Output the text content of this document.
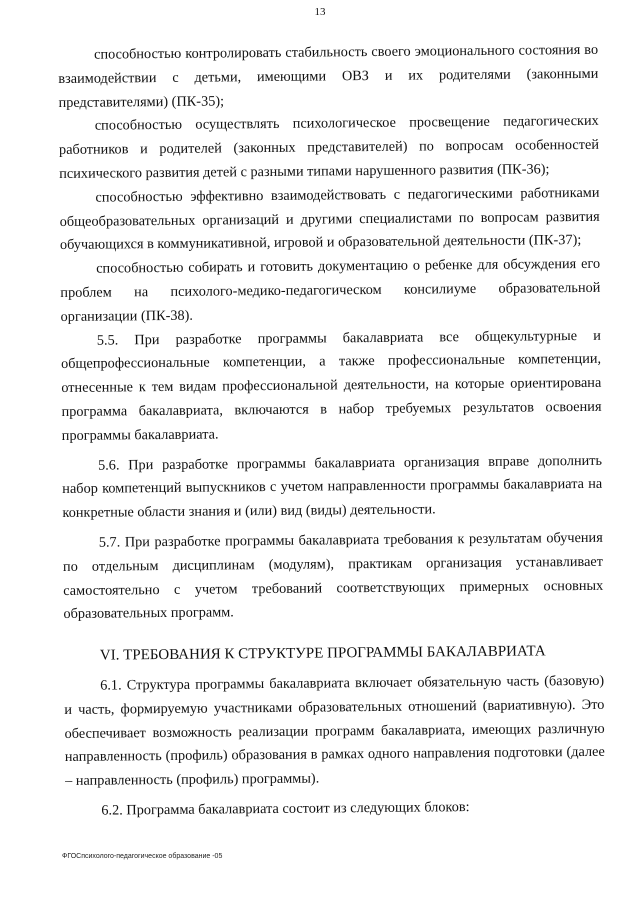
13

способностью контролировать стабильность своего эмоционального состояния во взаимодействии с детьми, имеющими ОВЗ и их родителями (законными представителями) (ПК-35);

способностью осуществлять психологическое просвещение педагогических работников и родителей (законных представителей) по вопросам особенностей психического развития детей с разными типами нарушенного развития (ПК-36);

способностью эффективно взаимодействовать с педагогическими работниками общеобразовательных организаций и другими специалистами по вопросам развития обучающихся в коммуникативной, игровой и образовательной деятельности (ПК-37);

способностью собирать и готовить документацию о ребенке для обсуждения его проблем на психолого-медико-педагогическом консилиуме образовательной организации (ПК-38).

5.5. При разработке программы бакалавриата все общекультурные и общепрофессиональные компетенции, а также профессиональные компетенции, отнесенные к тем видам профессиональной деятельности, на которые ориентирована программа бакалавриата, включаются в набор требуемых результатов освоения программы бакалавриата.

5.6. При разработке программы бакалавриата организация вправе дополнить набор компетенций выпускников с учетом направленности программы бакалавриата на конкретные области знания и (или) вид (виды) деятельности.

5.7. При разработке программы бакалавриата требования к результатам обучения по отдельным дисциплинам (модулям), практикам организация устанавливает самостоятельно с учетом требований соответствующих примерных основных образовательных программ.

VI. ТРЕБОВАНИЯ К СТРУКТУРЕ ПРОГРАММЫ БАКАЛАВРИАТА

6.1. Структура программы бакалавриата включает обязательную часть (базовую) и часть, формируемую участниками образовательных отношений (вариативную). Это обеспечивает возможность реализации программ бакалавриата, имеющих различную направленность (профиль) образования в рамках одного направления подготовки (далее – направленность (профиль) программы).

6.2. Программа бакалавриата состоит из следующих блоков:

ФГОСпсихолого-педагогическое образование -05
